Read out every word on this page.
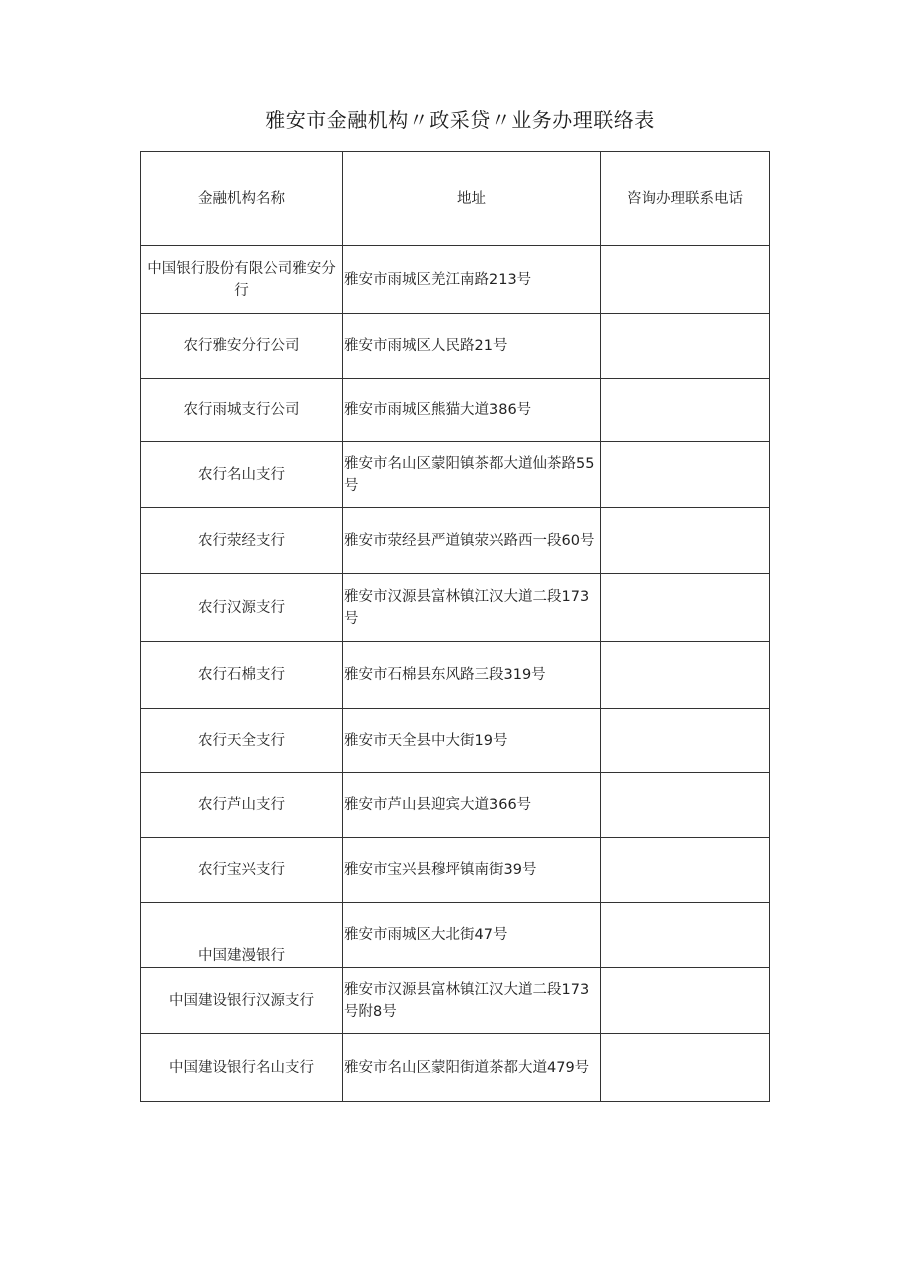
雅安市金融机构〃政采贷〃业务办理联络表
金融机构名称	地址	咨询办理联系电话
中国银行股份有限公司雅安分行	雅安市雨城区羌江南路213号	
农行雅安分行公司	雅安市雨城区人民路21号	
农行雨城支行公司	雅安市雨城区熊猫大道386号	
农行名山支行	雅安市名山区蒙阳镇茶都大道仙茶路55号	
农行荥经支行	雅安市荥经县严道镇荥兴路西一段60号	
农行汉源支行	雅安市汉源县富林镇江汉大道二段173号	
农行石棉支行	雅安市石棉县东风路三段319号	
农行天全支行	雅安市天全县中大街19号	
农行芦山支行	雅安市芦山县迎宾大道366号	
农行宝兴支行	雅安市宝兴县穆坪镇南街39号	
中国建漫银行	雅安市雨城区大北街47号	
中国建设银行汉源支行	雅安市汉源县富林镇江汉大道二段173号附8号	
中国建设银行名山支行	雅安市名山区蒙阳街道茶都大道479号	
